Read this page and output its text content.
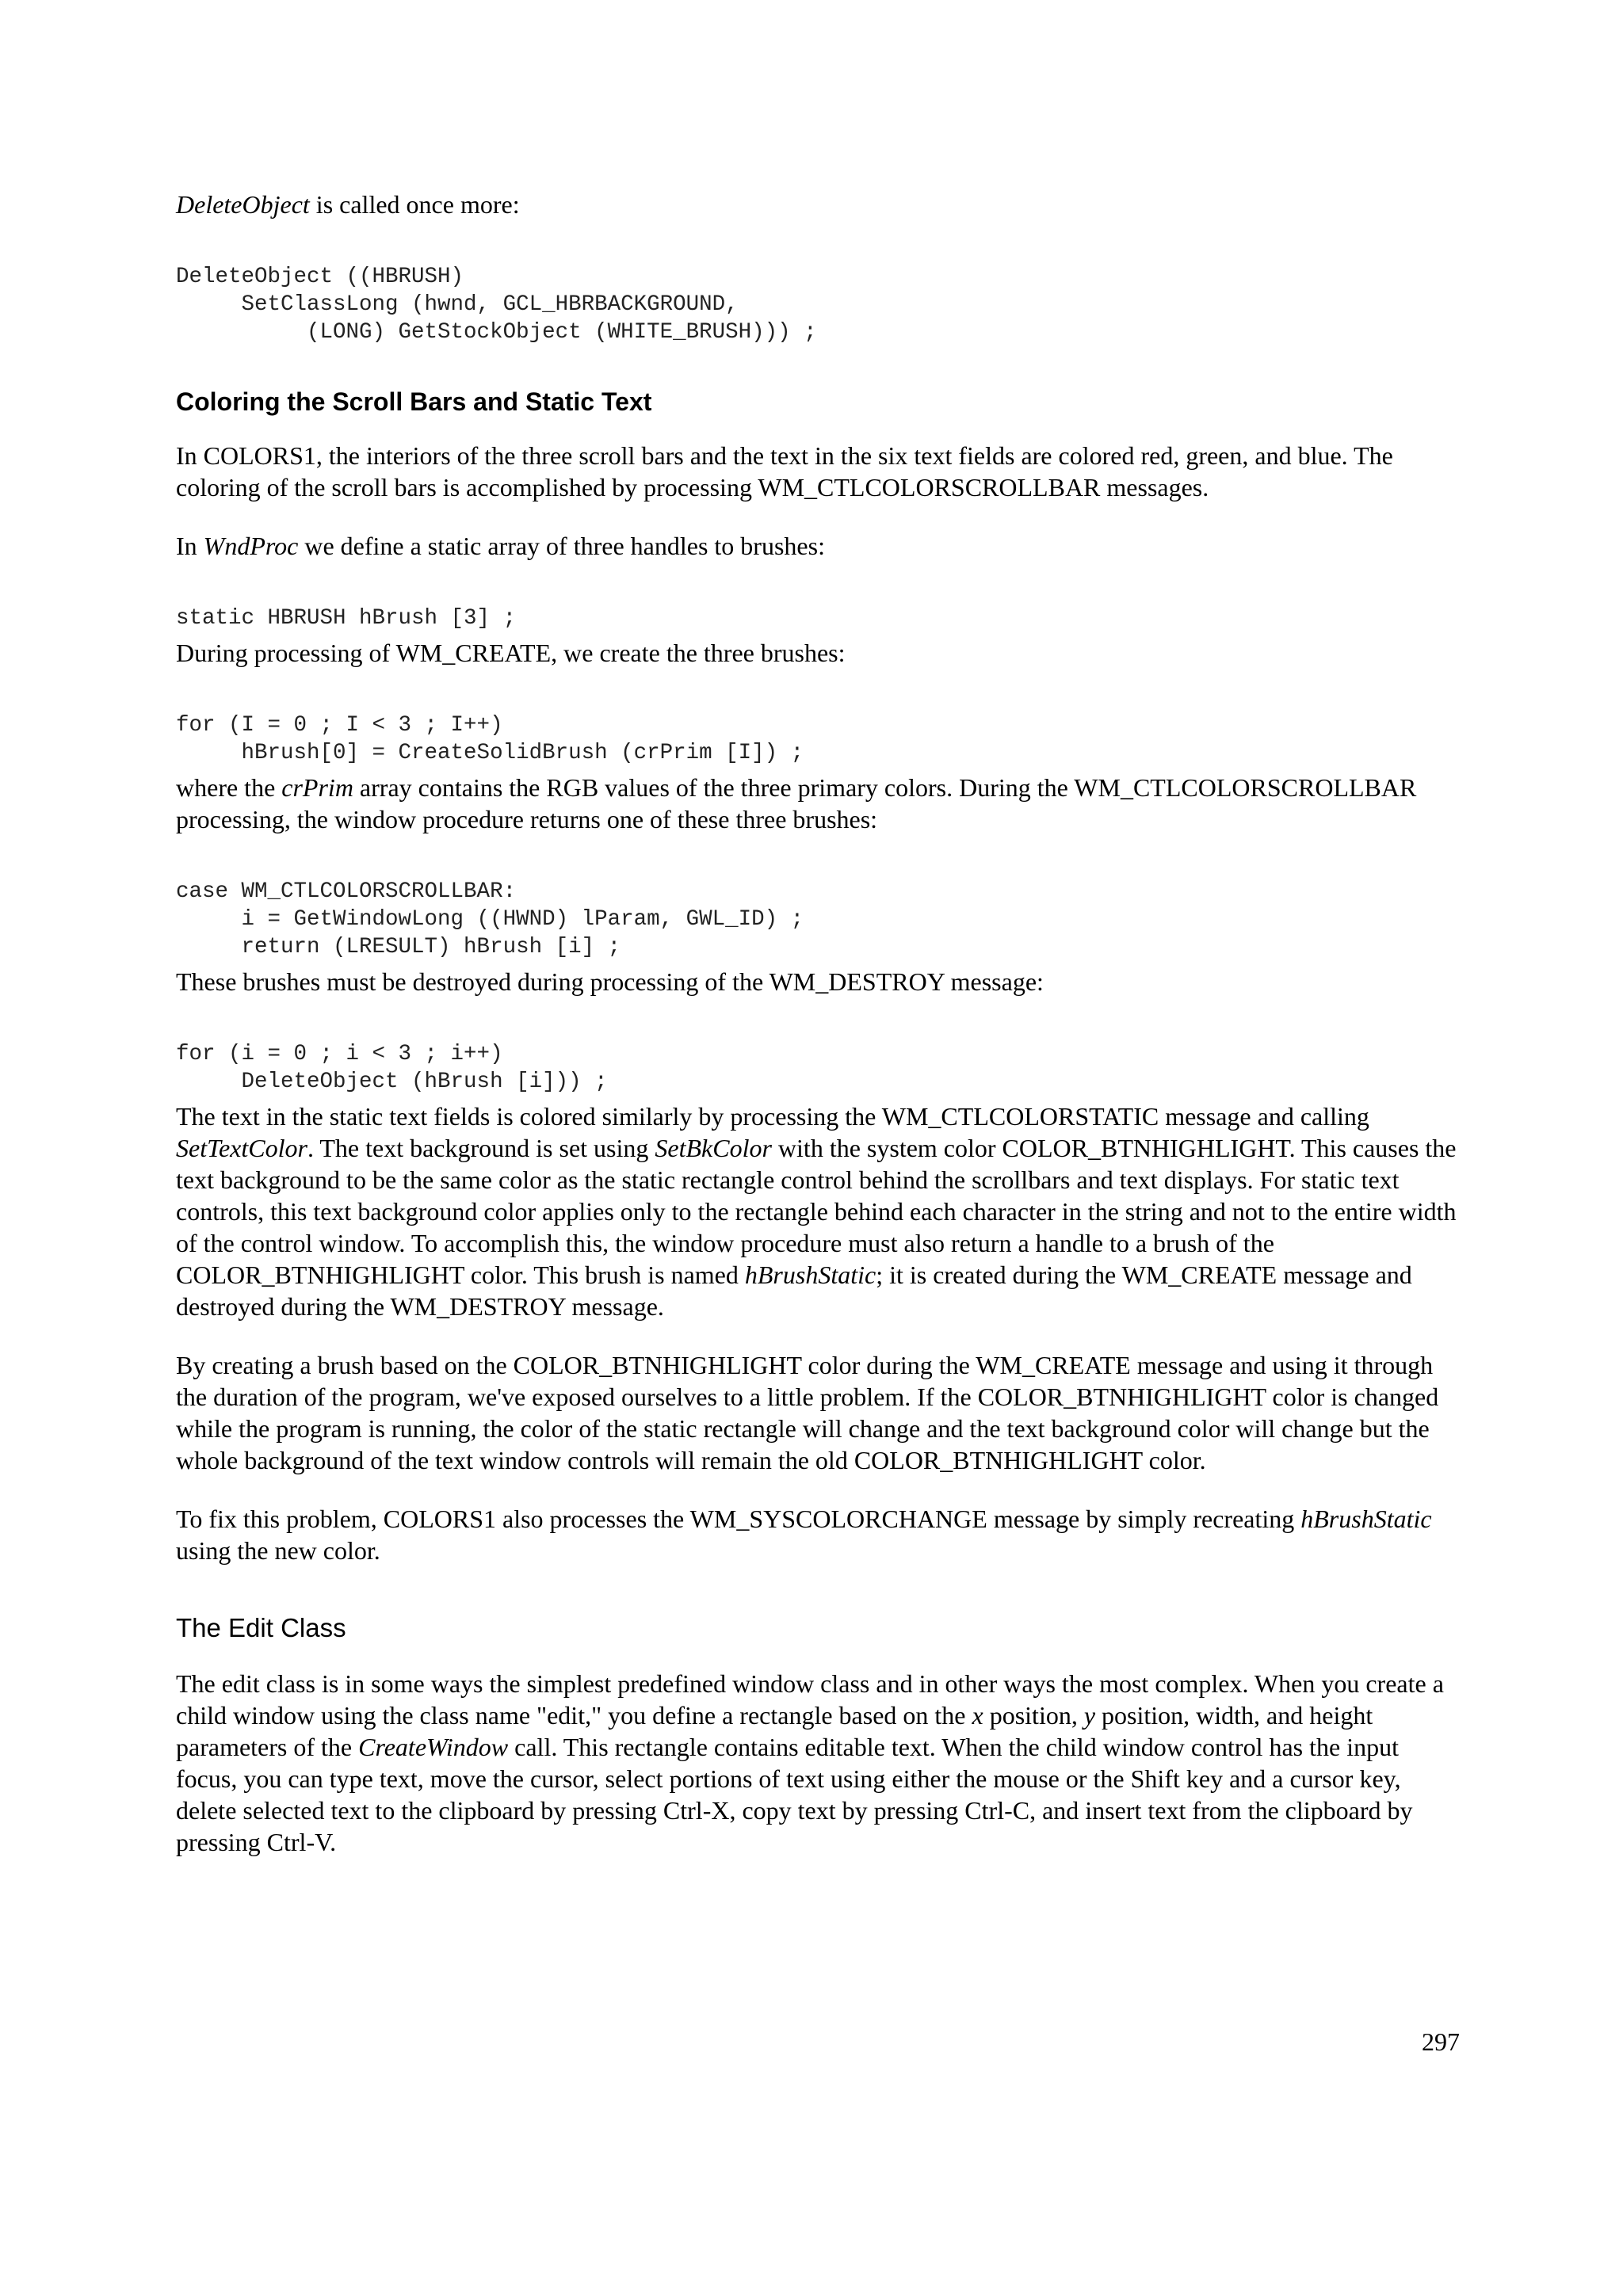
DeleteObject is called once more:

DeleteObject ((HBRUSH)
SetClassLong (hwnd, GCL_HBRBACKGROUND,
(LONG) GetStockObject (WHITE_BRUSH))) ;
Coloring the Scroll Bars and Static Text

In COLORS1, the interiors of the three scroll bars and the text in the six text fields are colored red, green, and blue. The coloring of the scroll bars is accomplished by processing WM_CTLCOLORSCROLLBAR messages.

In WndProc we define a static array of three handles to brushes:

static HBRUSH hBrush [3] ;

During processing of WM_CREATE, we create the three brushes:

for (I = 0 ; I < 3 ; I++)
hBrush[0] = CreateSolidBrush (crPrim [I]) ;

where the crPrim array contains the RGB values of the three primary colors. During the WM_CTLCOLORSCROLLBAR processing, the window procedure returns one of these three brushes:

case WM_CTLCOLORSCROLLBAR:
i = GetWindowLong ((HWND) lParam, GWL_ID) ;
return (LRESULT) hBrush [i] ;

These brushes must be destroyed during processing of the WM_DESTROY message:

for (i = 0 ; i < 3 ; i++)
DeleteObject (hBrush [i])) ;

The text in the static text fields is colored similarly by processing the WM_CTLCOLORSTATIC message and calling SetTextColor. The text background is set using SetBkColor with the system color COLOR_BTNHIGHLIGHT. This causes the text background to be the same color as the static rectangle control behind the scrollbars and text displays. For static text controls, this text background color applies only to the rectangle behind each character in the string and not to the entire width of the control window. To accomplish this, the window procedure must also return a handle to a brush of the COLOR_BTNHIGHLIGHT color. This brush is named hBrushStatic; it is created during the WM_CREATE message and destroyed during the WM_DESTROY message.

By creating a brush based on the COLOR_BTNHIGHLIGHT color during the WM_CREATE message and using it through the duration of the program, we've exposed ourselves to a little problem. If the COLOR_BTNHIGHLIGHT color is changed while the program is running, the color of the static rectangle will change and the text background color will change but the whole background of the text window controls will remain the old COLOR_BTNHIGHLIGHT color.

To fix this problem, COLORS1 also processes the WM_SYSCOLORCHANGE message by simply recreating hBrushStatic using the new color.

The Edit Class

The edit class is in some ways the simplest predefined window class and in other ways the most complex. When you create a child window using the class name "edit," you define a rectangle based on the x position, y position, width, and height parameters of the CreateWindow call. This rectangle contains editable text. When the child window control has the input focus, you can type text, move the cursor, select portions of text using either the mouse or the Shift key and a cursor key, delete selected text to the clipboard by pressing Ctrl-X, copy text by pressing Ctrl-C, and insert text from the clipboard by pressing Ctrl-V.

297
